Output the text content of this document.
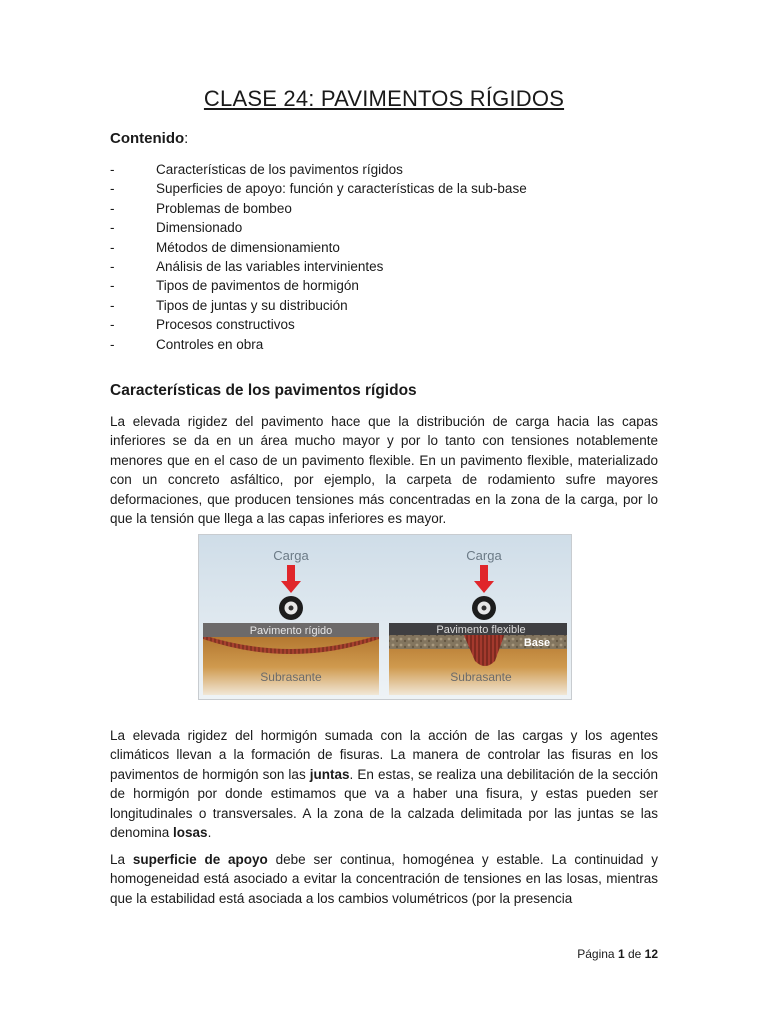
CLASE 24: PAVIMENTOS RÍGIDOS

Contenido:

-	Características de los pavimentos rígidos
-	Superficies de apoyo: función y características de la sub-base
-	Problemas de bombeo
-	Dimensionado
-	Métodos de dimensionamiento
-	Análisis de las variables intervinientes
-	Tipos de pavimentos de hormigón
-	Tipos de juntas y su distribución
-	Procesos constructivos
-	Controles en obra
Características de los pavimentos rígidos

La elevada rigidez del pavimento hace que la distribución de carga hacia las capas inferiores se da en un área mucho mayor y por lo tanto con tensiones notablemente menores que en el caso de un pavimento flexible. En un pavimento flexible, materializado con un concreto asfáltico, por ejemplo, la carpeta de rodamiento sufre mayores deformaciones, que producen tensiones más concentradas en la zona de la carga, por lo que la tensión que llega a las capas inferiores es mayor.

Carga
Pavimento rígido
Subrasante
Carga
Pavimento flexible
Base
Subrasante

La elevada rigidez del hormigón sumada con la acción de las cargas y los agentes climáticos llevan a la formación de fisuras. La manera de controlar las fisuras en los pavimentos de hormigón son las juntas. En estas, se realiza una debilitación de la sección de hormigón por donde estimamos que va a haber una fisura, y estas pueden ser longitudinales o transversales. A la zona de la calzada delimitada por las juntas se las denomina losas.

La superficie de apoyo debe ser continua, homogénea y estable. La continuidad y homogeneidad está asociado a evitar la concentración de tensiones en las losas, mientras que la estabilidad está asociada a los cambios volumétricos (por la presencia

Página 1 de 12
